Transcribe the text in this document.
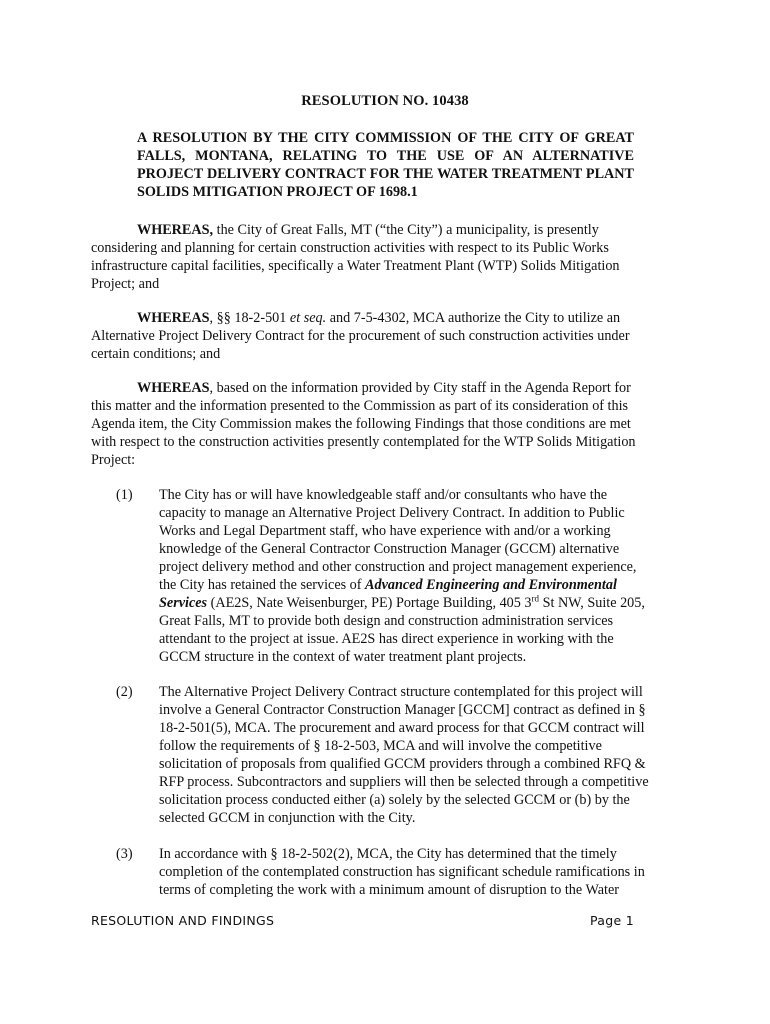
RESOLUTION NO. 10438
A RESOLUTION BY THE CITY COMMISSION OF THE CITY OF GREAT FALLS, MONTANA, RELATING TO THE USE OF AN ALTERNATIVE PROJECT DELIVERY CONTRACT FOR THE WATER TREATMENT PLANT SOLIDS MITIGATION PROJECT OF 1698.1

WHEREAS, the City of Great Falls, MT (“the City”) a municipality, is presently considering and planning for certain construction activities with respect to its Public Works infrastructure capital facilities, specifically a Water Treatment Plant (WTP) Solids Mitigation Project; and

WHEREAS, §§ 18-2-501 et seq. and 7-5-4302, MCA authorize the City to utilize an Alternative Project Delivery Contract for the procurement of such construction activities under certain conditions; and

WHEREAS, based on the information provided by City staff in the Agenda Report for this matter and the information presented to the Commission as part of its consideration of this Agenda item, the City Commission makes the following Findings that those conditions are met with respect to the construction activities presently contemplated for the WTP Solids Mitigation Project:

(1) The City has or will have knowledgeable staff and/or consultants who have the capacity to manage an Alternative Project Delivery Contract. In addition to Public Works and Legal Department staff, who have experience with and/or a working knowledge of the General Contractor Construction Manager (GCCM) alternative project delivery method and other construction and project management experience, the City has retained the services of Advanced Engineering and Environmental Services (AE2S, Nate Weisenburger, PE) Portage Building, 405 3rd St NW, Suite 205, Great Falls, MT to provide both design and construction administration services attendant to the project at issue. AE2S has direct experience in working with the GCCM structure in the context of water treatment plant projects.

(2) The Alternative Project Delivery Contract structure contemplated for this project will involve a General Contractor Construction Manager [GCCM] contract as defined in § 18-2-501(5), MCA. The procurement and award process for that GCCM contract will follow the requirements of § 18-2-503, MCA and will involve the competitive solicitation of proposals from qualified GCCM providers through a combined RFQ & RFP process. Subcontractors and suppliers will then be selected through a competitive solicitation process conducted either (a) solely by the selected GCCM or (b) by the selected GCCM in conjunction with the City.

(3) In accordance with § 18-2-502(2), MCA, the City has determined that the timely completion of the contemplated construction has significant schedule ramifications in terms of completing the work with a minimum amount of disruption to the Water

RESOLUTION AND FINDINGS	Page 1
